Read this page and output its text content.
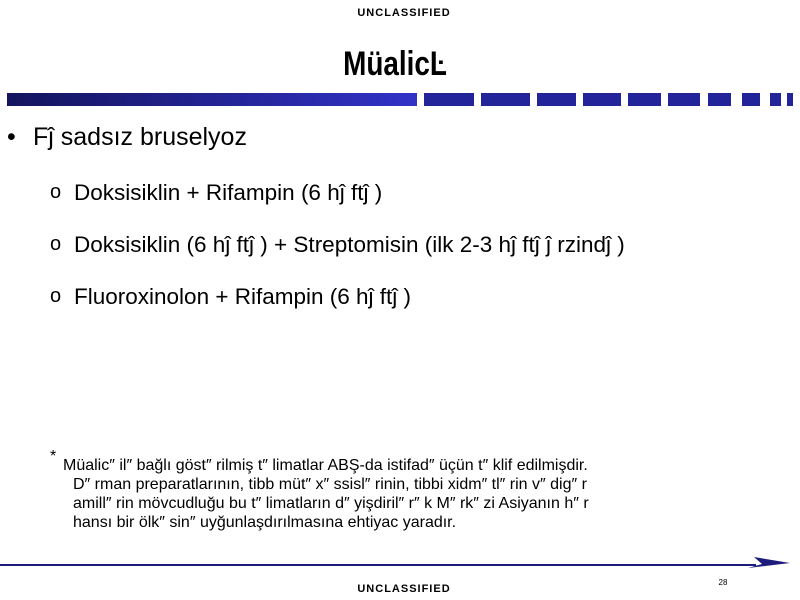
UNCLASSIFIED
MüalicĿ
• Fĵ sadsız bruselyoz
o Doksisiklin + Rifampin (6 hĵ ftĵ )
o Doksisiklin (6 hĵ ftĵ ) + Streptomisin (ilk 2-3 hĵ ftĵ ĵ rzindĵ )
o Fluoroxinolon + Rifampin (6 hĵ ftĵ )
*
Müalic″ il″ bağlı göst″ rilmiş t″ limatlar ABŞ-da istifad″ üçün t″ klif edilmişdir.
D″ rman preparatlarının, tibb müt″ x″ ssisl″ rinin, tibbi xidm″ tl″ rin v″ dig″ r
amill″ rin mövcudluğu bu t″ limatların d″ yişdiril″ r″ k M″ rk″ zi Asiyanın h″ r
hansı bir ölk″ sin″ uyğunlaşdırılmasına ehtiyac yaradır.
28
UNCLASSIFIED
